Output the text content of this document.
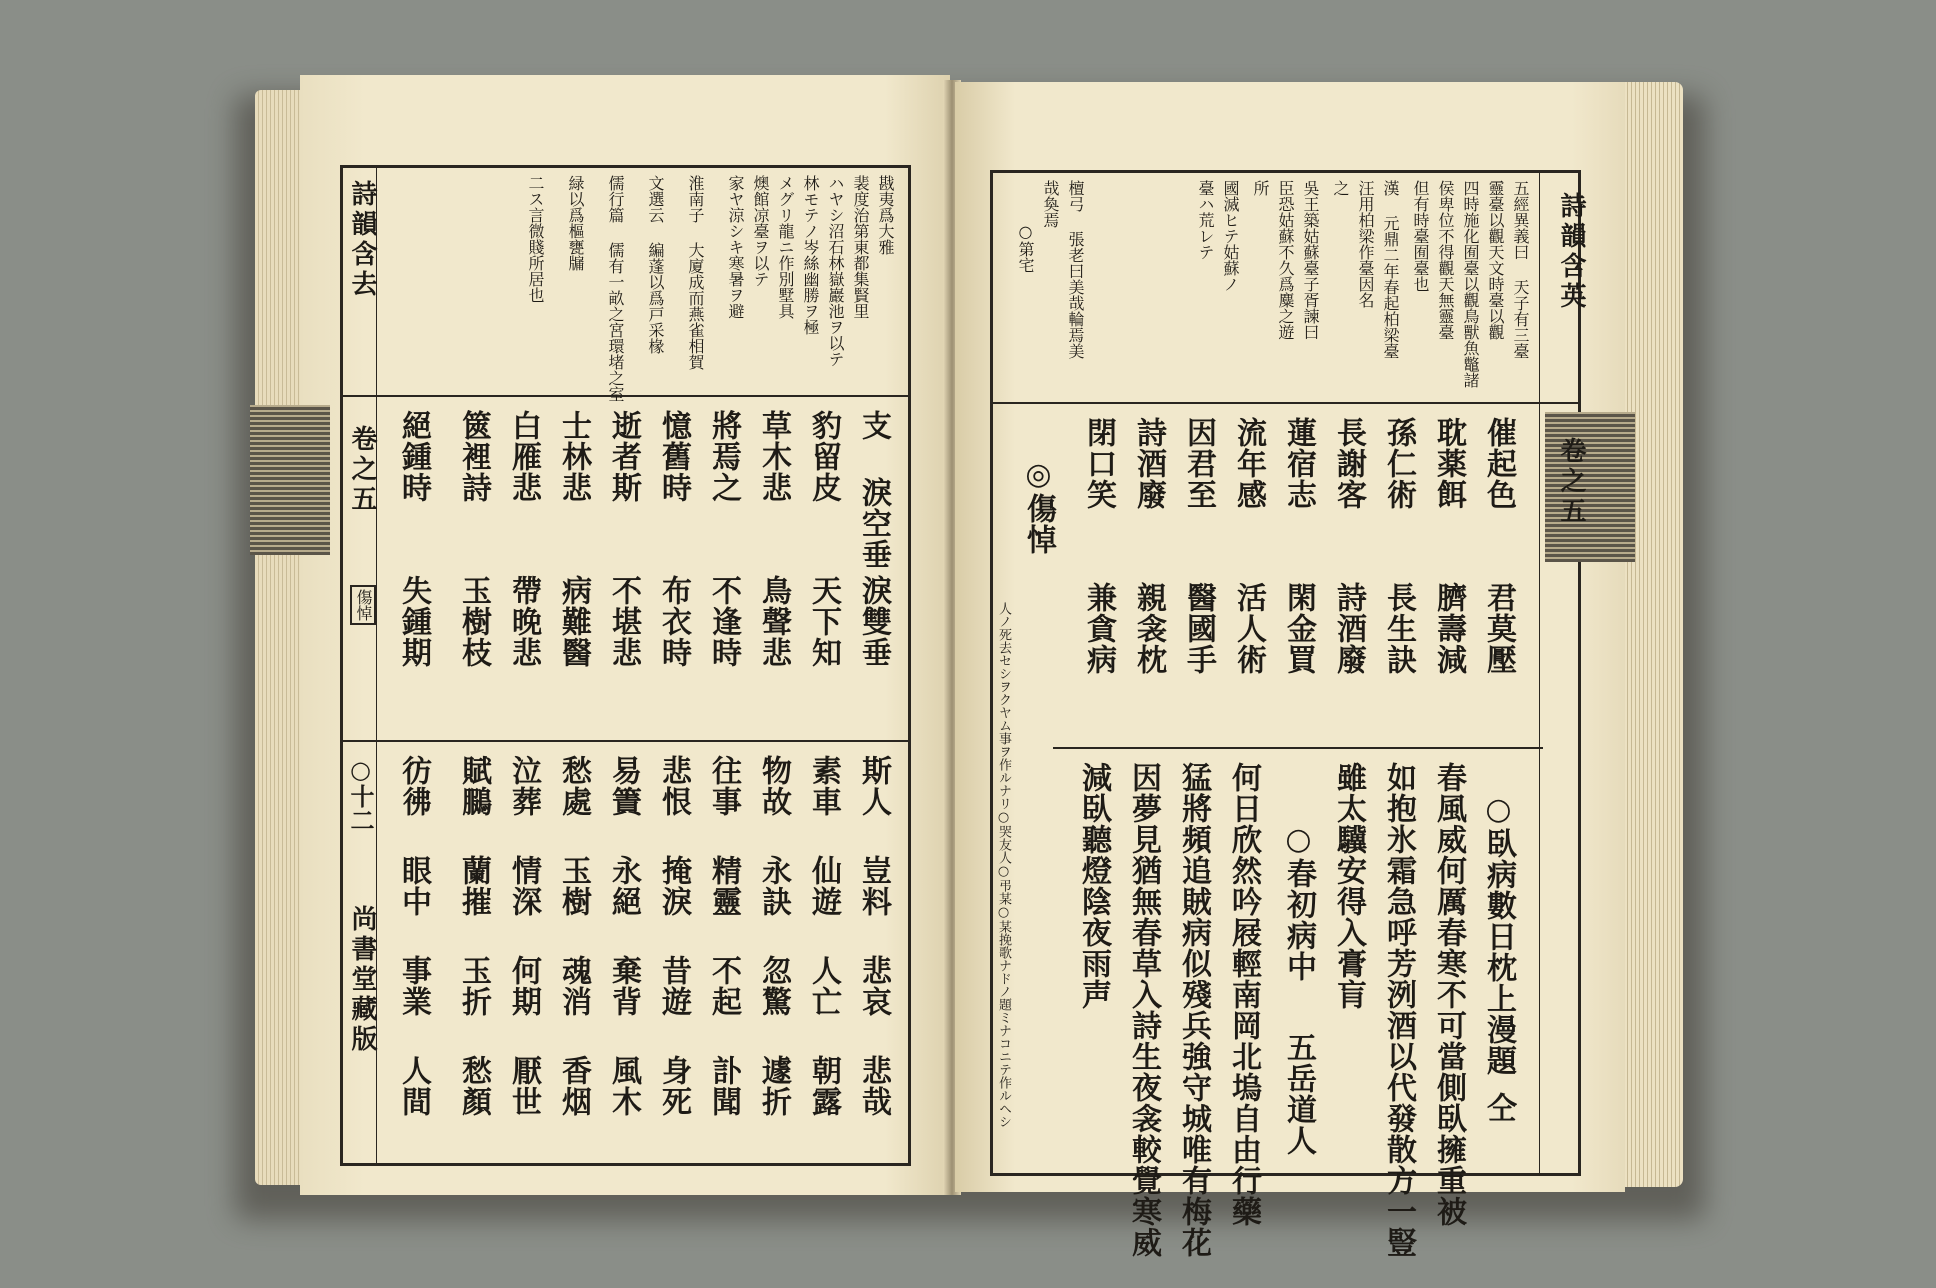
詩韻含去
卷之五
傷悼
○十二
尚書堂藏版
戡夷爲大雅
裴度治第東都集賢里
ハヤシ沼石林嶽巖池ヲ以テ
林モテノ岑絲幽勝ヲ極
メグリ龍ニ作別墅具
燠館凉臺ヲ以テ
家ヤ涼シキ寒暑ヲ避
淮南子 大廈成而燕雀相賀
文選云 編蓬以爲戸采椽
儒行篇 儒有一畝之宮環堵之室
緑以爲樞甕牖
二ス言微賤所居也
支 淚空垂
淚雙垂
豹留皮
天下知
草木悲
鳥聲悲
將焉之
不逢時
憶舊時
布衣時
逝者斯
不堪悲
士林悲
病難醫
白雁悲
帶晚悲
篋裡詩
玉樹枝
絕鍾時
失鍾期
斯人
豈料
悲哀
悲哉
素車
仙遊
人亡
朝露
物故
永訣
忽驚
遽折
往事
精靈
不起
訃聞
悲恨
掩淚
昔遊
身死
易簀
永絕
棄背
風木
愁處
玉樹
魂消
香烟
泣葬
情深
何期
厭世
賦鵩
蘭摧
玉折
愁顏
彷彿
眼中
事業
人間
詩韻含英
卷之五
五經異義曰 天子有三臺
靈臺以觀天文時臺以觀
四時施化囿臺以觀鳥獸魚鼈諸
侯卑位不得觀天無靈臺
但有時臺囿臺也
漢 元鼎二年春起柏梁臺
汪用柏梁作臺因名
之
吳王築姑蘇臺子胥諫曰
臣恐姑蘇不久爲麋之遊
所
國滅ヒテ姑蘇ノ
臺ハ荒レテ
檀弓 張老曰美哉輪焉美
哉奐焉
○第宅
催起色
君莫壓
耽薬餌
臍壽減
孫仁術
長生訣
長謝客
詩酒廢
蓮宿志
閑金買
流年感
活人術
因君至
醫國手
詩酒廢
親衾枕
閉口笑
兼貪病
◎傷悼
人ノ死去セシヲクヤム事ヲ作ルナリ○哭友人○弔某○某挽歌ナドノ題ミナコニテ作ルヘシ	○臥病數日枕上漫題
仝
春風威何厲春寒不可當側臥擁重被
如抱氷霜急呼芳洌酒以代發散方一豎
雖太驥安得入膏肓
○春初病中
五岳道人
何日欣然吟屐輕南岡北塢自由行藥
猛將頻追賊病似殘兵強守城唯有梅花
因夢見猶無春草入詩生夜衾較覺寒威
減臥聽燈陰夜雨声
